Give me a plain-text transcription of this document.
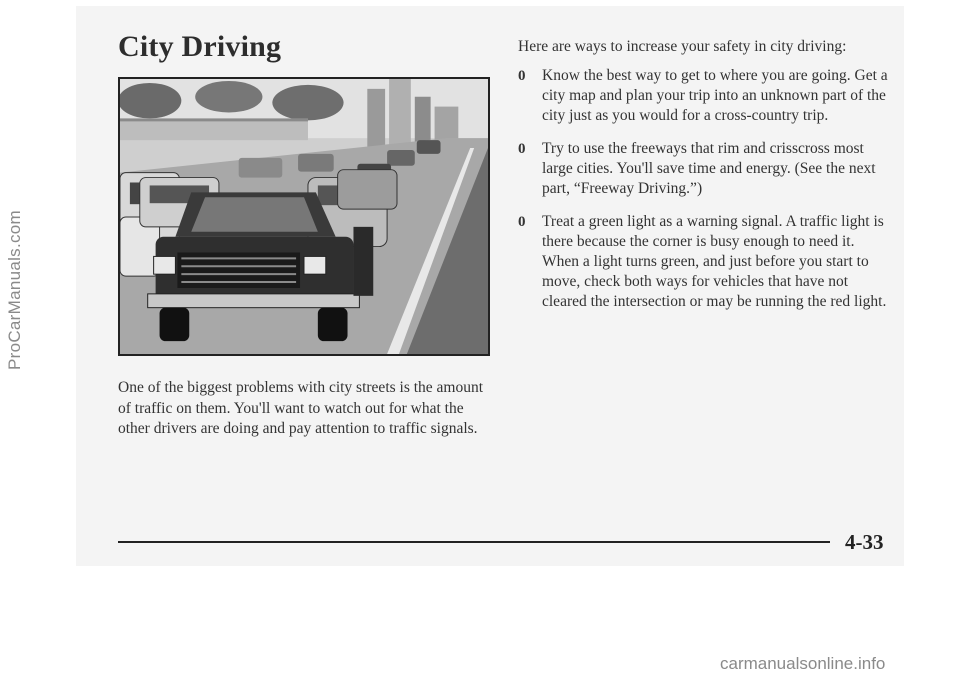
ProCarManuals.com
City Driving

One of the biggest problems with city streets is the amount of traffic on them. You'll want to watch out for what the other drivers are doing and pay attention to traffic signals.

Here are ways to increase your safety in city driving:

0 Know the best way to get to where you are going. Get a city map and plan your trip into an unknown part of the city just as you would for a cross-country trip.
0 Try to use the freeways that rim and crisscross most large cities. You'll save time and energy. (See the next part, “Freeway Driving.”)
0 Treat a green light as a warning signal. A traffic light is there because the corner is busy enough to need it. When a light turns green, and just before you start to move, check both ways for vehicles that have not cleared the intersection or may be running the red light.

4-33

carmanualsonline.info
